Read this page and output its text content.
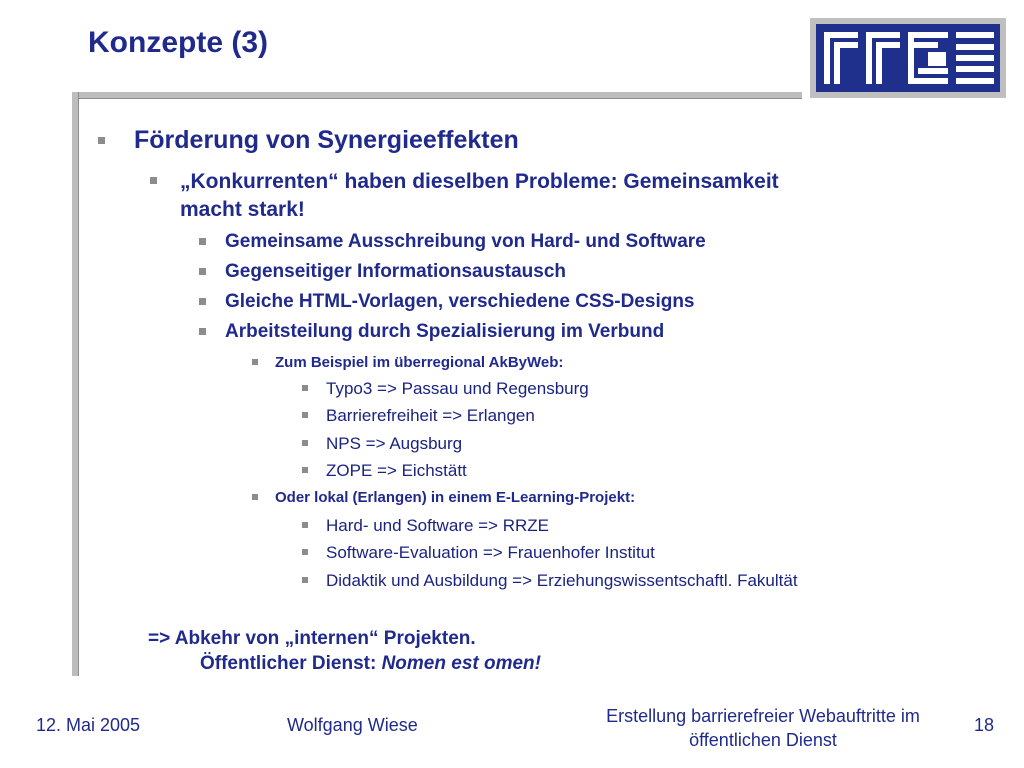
Konzepte (3)
Förderung von Synergieeffekten
„Konkurrenten“ haben dieselben Probleme: Gemeinsamkeit
macht stark!
Gemeinsame Ausschreibung von Hard- und Software
Gegenseitiger Informationsaustausch
Gleiche HTML-Vorlagen, verschiedene CSS-Designs
Arbeitsteilung durch Spezialisierung im Verbund
Zum Beispiel im überregional AkByWeb:
Typo3 => Passau und Regensburg
Barrierefreiheit => Erlangen
NPS => Augsburg
ZOPE => Eichstätt
Oder lokal (Erlangen) in einem E-Learning-Projekt:
Hard- und Software => RRZE
Software-Evaluation => Frauenhofer Institut
Didaktik und Ausbildung => Erziehungswissentschaftl. Fakultät
=> Abkehr von „internen“ Projekten.
Öffentlicher Dienst: Nomen est omen!
12. Mai 2005	Wolfgang Wiese	Erstellung barrierefreier Webauftritte im
öffentlichen Dienst
18
